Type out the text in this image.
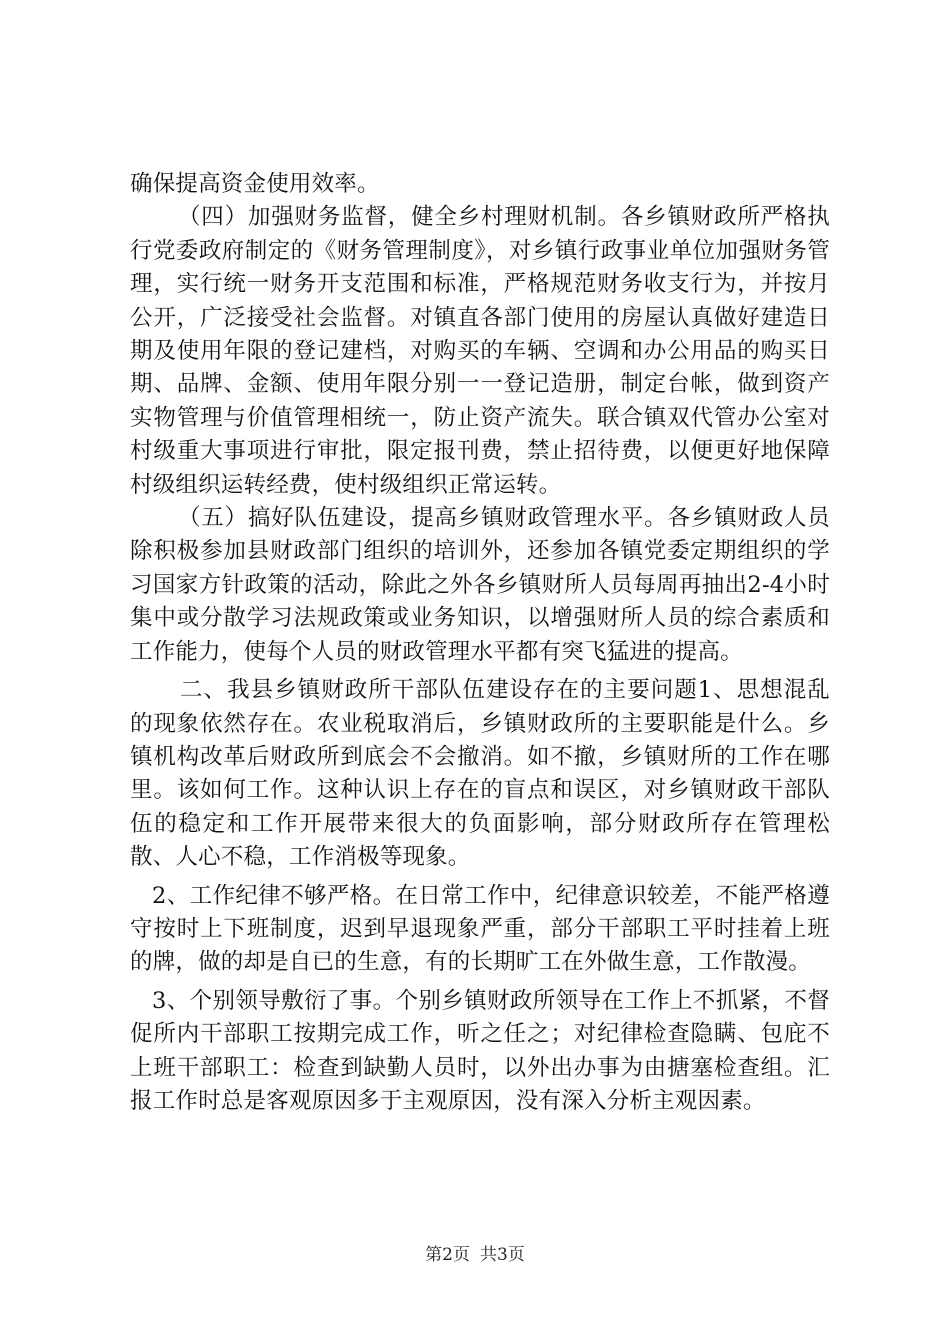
确保提高资金使用效率。

（四）加强财务监督，健全乡村理财机制。各乡镇财政所严格执行党委政府制定的《财务管理制度》，对乡镇行政事业单位加强财务管理，实行统一财务开支范围和标准，严格规范财务收支行为，并按月公开，广泛接受社会监督。对镇直各部门使用的房屋认真做好建造日期及使用年限的登记建档，对购买的车辆、空调和办公用品的购买日期、品牌、金额、使用年限分别一一登记造册，制定台帐，做到资产实物管理与价值管理相统一，防止资产流失。联合镇双代管办公室对村级重大事项进行审批，限定报刊费，禁止招待费，以便更好地保障村级组织运转经费，使村级组织正常运转。

（五）搞好队伍建设，提高乡镇财政管理水平。各乡镇财政人员除积极参加县财政部门组织的培训外，还参加各镇党委定期组织的学习国家方针政策的活动，除此之外各乡镇财所人员每周再抽出2-4小时集中或分散学习法规政策或业务知识，以增强财所人员的综合素质和工作能力，使每个人员的财政管理水平都有突飞猛进的提高。

二、我县乡镇财政所干部队伍建设存在的主要问题1、思想混乱的现象依然存在。农业税取消后，乡镇财政所的主要职能是什么。乡镇机构改革后财政所到底会不会撤消。如不撤，乡镇财所的工作在哪里。该如何工作。这种认识上存在的盲点和误区，对乡镇财政干部队伍的稳定和工作开展带来很大的负面影响，部分财政所存在管理松散、人心不稳，工作消极等现象。

2、工作纪律不够严格。在日常工作中，纪律意识较差，不能严格遵守按时上下班制度，迟到早退现象严重，部分干部职工平时挂着上班的牌，做的却是自已的生意，有的长期旷工在外做生意，工作散漫。

3、个别领导敷衍了事。个别乡镇财政所领导在工作上不抓紧，不督促所内干部职工按期完成工作，听之任之；对纪律检查隐瞒、包庇不上班干部职工：检查到缺勤人员时，以外出办事为由搪塞检查组。汇报工作时总是客观原因多于主观原因，没有深入分析主观因素。

第2页 共3页
